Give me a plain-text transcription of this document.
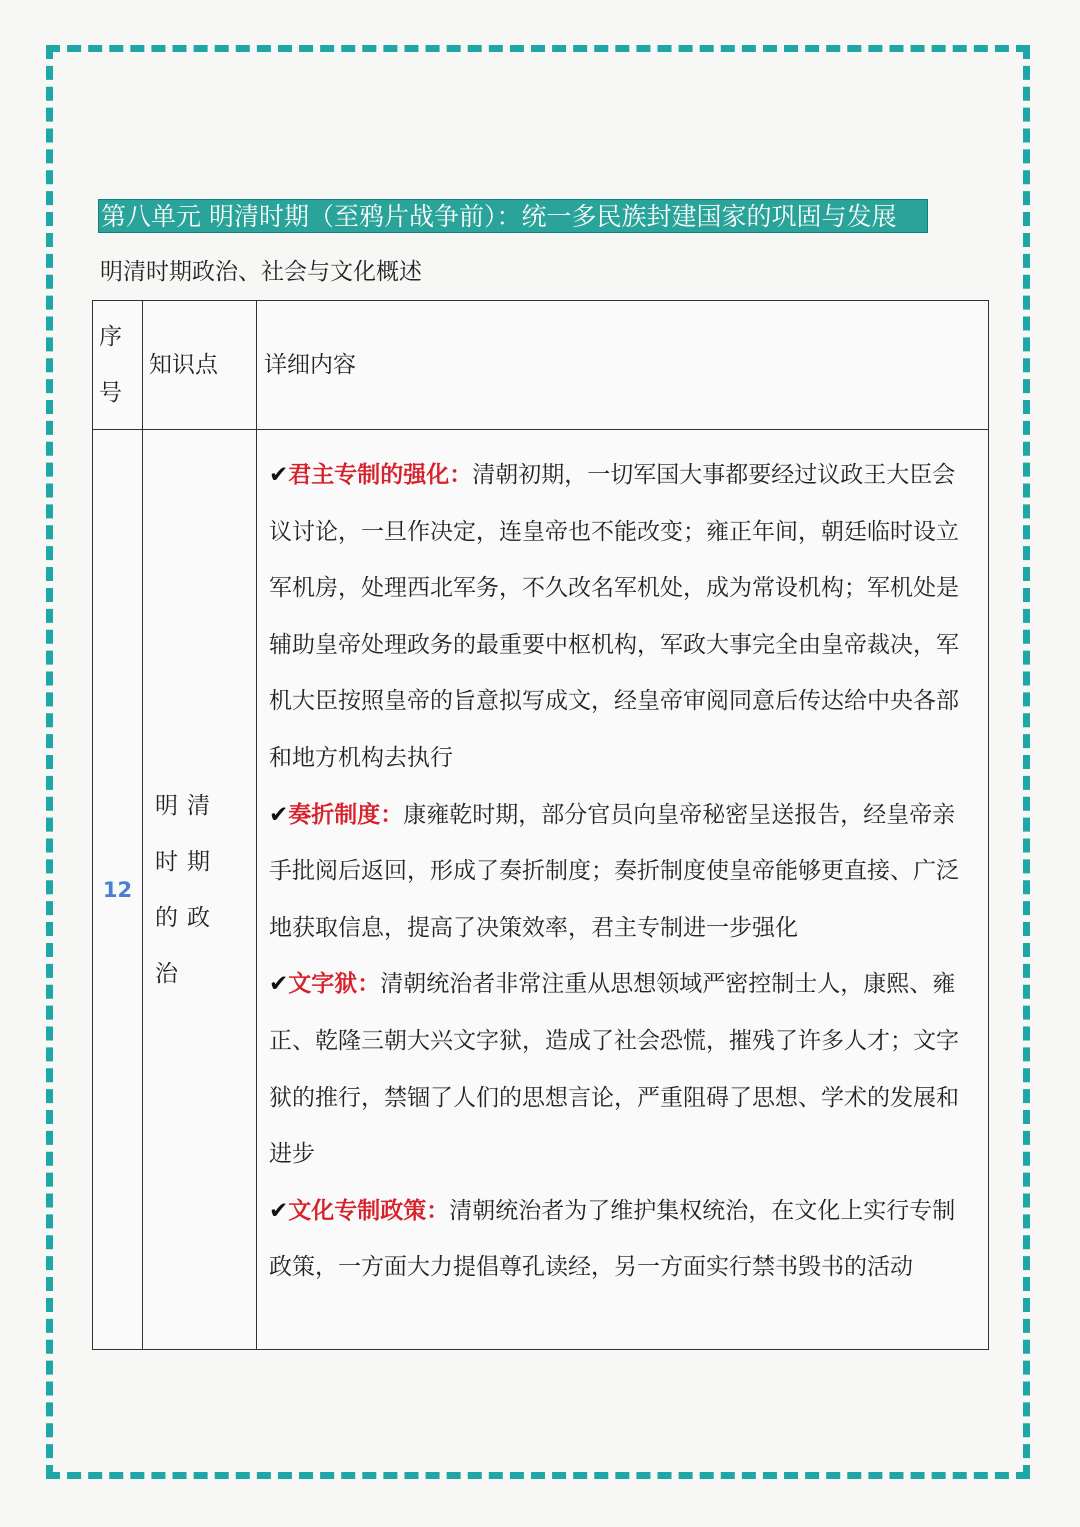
第八单元 明清时期（至鸦片战争前）：统一多民族封建国家的巩固与发展
明清时期政治、社会与文化概述
序号	知识点	详细内容

12	明清时期的政治	✔君主专制的强化：清朝初期，一切军国大事都要经过议政王大臣会议讨论，一旦作决定，连皇帝也不能改变；雍正年间，朝廷临时设立军机房，处理西北军务，不久改名军机处，成为常设机构；军机处是辅助皇帝处理政务的最重要中枢机构，军政大事完全由皇帝裁决，军机大臣按照皇帝的旨意拟写成文，经皇帝审阅同意后传达给中央各部和地方机构去执行
✔奏折制度：康雍乾时期，部分官员向皇帝秘密呈送报告，经皇帝亲手批阅后返回，形成了奏折制度；奏折制度使皇帝能够更直接、广泛地获取信息，提高了决策效率，君主专制进一步强化
✔文字狱：清朝统治者非常注重从思想领域严密控制士人，康熙、雍正、乾隆三朝大兴文字狱，造成了社会恐慌，摧残了许多人才；文字狱的推行，禁锢了人们的思想言论，严重阻碍了思想、学术的发展和进步
✔文化专制政策：清朝统治者为了维护集权统治，在文化上实行专制政策，一方面大力提倡尊孔读经，另一方面实行禁书毁书的活动
